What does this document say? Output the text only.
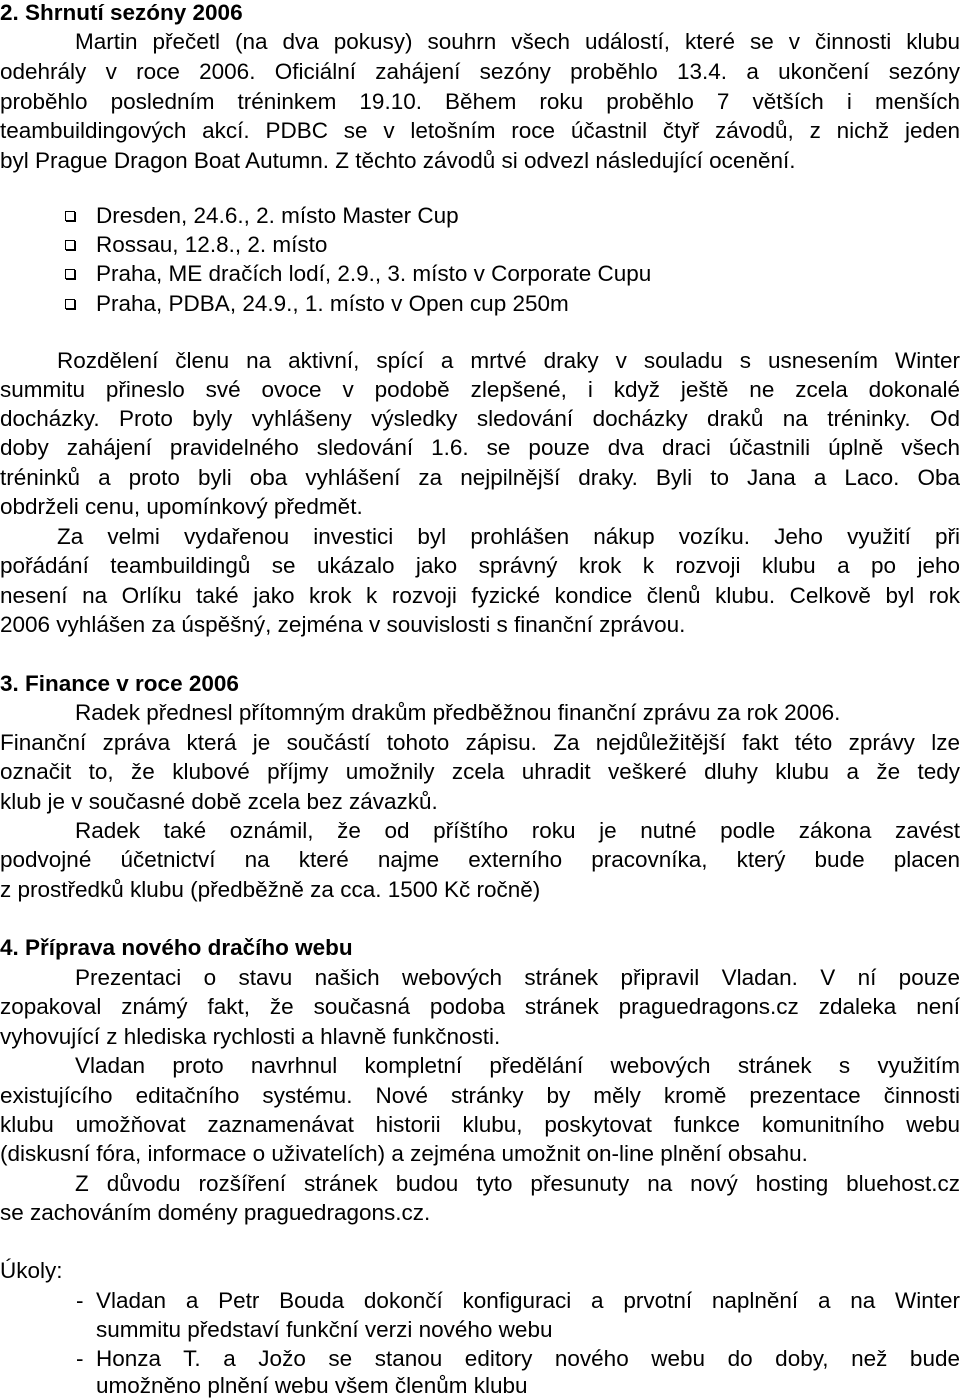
2. Shrnutí sezóny 2006
Martin přečetl (na dva pokusy) souhrn všech událostí, které se v činnosti klubu
odehrály v roce 2006. Oficiální zahájení sezóny proběhlo 13.4. a ukončení sezóny
proběhlo posledním tréninkem 19.10. Během roku proběhlo 7 větších i menších
teambuildingových akcí. PDBC se v letošním roce účastnil čtyř závodů, z nichž jeden
byl Prague Dragon Boat Autumn. Z těchto závodů si odvezl následující ocenění.
Dresden, 24.6., 2. místo Master Cup
Rossau, 12.8., 2. místo
Praha, ME dračích lodí, 2.9., 3. místo v Corporate Cupu
Praha, PDBA, 24.9., 1. místo v Open cup 250m
Rozdělení členu na aktivní, spící a mrtvé draky v souladu s usnesením Winter
summitu přineslo své ovoce v podobě zlepšené, i když ještě ne zcela dokonalé
docházky. Proto byly vyhlášeny výsledky sledování docházky draků na tréninky. Od
doby zahájení pravidelného sledování 1.6. se pouze dva draci účastnili úplně všech
tréninků a proto byli oba vyhlášení za nejpilnější draky. Byli to Jana a Laco. Oba
obdrželi cenu, upomínkový předmět.
Za velmi vydařenou investici byl prohlášen nákup vozíku. Jeho využití při
pořádání teambuildingů se ukázalo jako správný krok k rozvoji klubu a po jeho
nesení na Orlíku také jako krok k rozvoji fyzické kondice členů klubu. Celkově byl rok
2006 vyhlášen za úspěšný, zejména v souvislosti s finanční zprávou.
3. Finance v roce 2006
Radek přednesl přítomným drakům předběžnou finanční zprávu za rok 2006.
Finanční zpráva která je součástí tohoto zápisu. Za nejdůležitější fakt této zprávy lze
označit to, že klubové příjmy umožnily zcela uhradit veškeré dluhy klubu a že tedy
klub je v současné době zcela bez závazků.
Radek také oznámil, že od příštího roku je nutné podle zákona zavést
podvojné účetnictví na které najme externího pracovníka, který bude placen
z prostředků klubu (předběžně za cca. 1500 Kč ročně)
4. Příprava nového dračího webu
Prezentaci o stavu našich webových stránek připravil Vladan. V ní pouze
zopakoval známý fakt, že současná podoba stránek praguedragons.cz zdaleka není
vyhovující z hlediska rychlosti a hlavně funkčnosti.
Vladan proto navrhnul kompletní předělání webových stránek s využitím
existujícího editačního systému. Nové stránky by měly kromě prezentace činnosti
klubu umožňovat zaznamenávat historii klubu, poskytovat funkce komunitního webu
(diskusní fóra, informace o uživatelích) a zejména umožnit on-line plnění obsahu.
Z důvodu rozšíření stránek budou tyto přesunuty na nový hosting bluehost.cz
se zachováním domény praguedragons.cz.
Úkoly:
- Vladan a Petr Bouda dokončí konfiguraci a prvotní naplnění a na Winter
summitu představí funkční verzi nového webu
- Honza T. a Jožo se stanou editory nového webu do doby, než bude
umožněno plnění webu všem členům klubu
